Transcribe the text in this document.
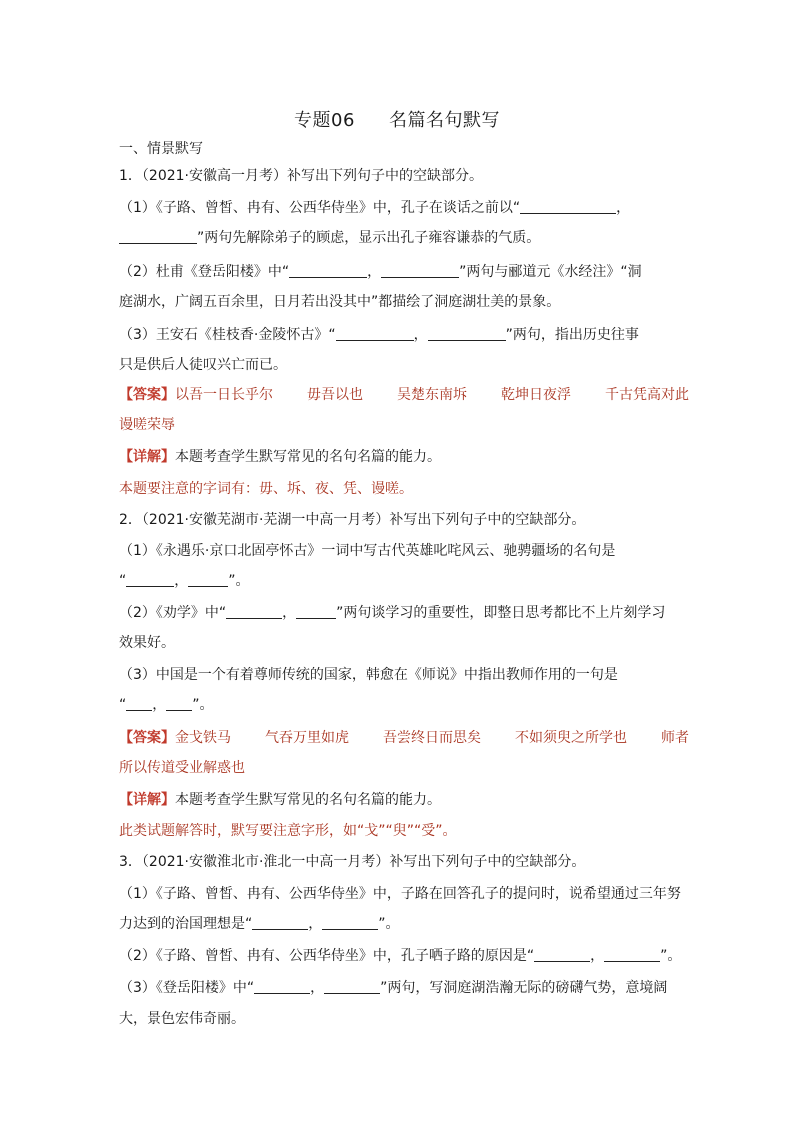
专题06 名篇名句默写
一、情景默写
1．（2021·安徽高一月考）补写出下列句子中的空缺部分。
（1）《子路、曾皙、冉有、公西华侍坐》中，孔子在谈话之前以“	，
”两句先解除弟子的顾虑，显示出孔子雍容谦恭的气质。
（2）杜甫《登岳阳楼》中“	，	”两句与郦道元《水经注》“洞
庭湖水，广阔五百余里，日月若出没其中”都描绘了洞庭湖壮美的景象。
（3）王安石《桂枝香·金陵怀古》“	，	”两句，指出历史往事
只是供后人徒叹兴亡而已。
【答案】以吾一日长乎尔 毋吾以也 吴楚东南坼 乾坤日夜浮 千古凭高对此
谩嗟荣辱
【详解】本题考查学生默写常见的名句名篇的能力。
本题要注意的字词有：毋、坼、夜、凭、谩嗟。
2．（2021·安徽芜湖市·芜湖一中高一月考）补写出下列句子中的空缺部分。
（1）《永遇乐·京口北固亭怀古》一词中写古代英雄叱咤风云、驰骋疆场的名句是
“	，	”。
（2）《劝学》中“	，	”两句谈学习的重要性，即整日思考都比不上片刻学习
效果好。
（3）中国是一个有着尊师传统的国家，韩愈在《师说》中指出教师作用的一句是
“ ， ”。
【答案】金戈铁马 气吞万里如虎 吾尝终日而思矣 不如须臾之所学也 师者
所以传道受业解惑也
【详解】本题考查学生默写常见的名句名篇的能力。
此类试题解答时，默写要注意字形，如“戈”“臾”“受”。
3．（2021·安徽淮北市·淮北一中高一月考）补写出下列句子中的空缺部分。
（1）《子路、曾皙、冉有、公西华侍坐》中，子路在回答孔子的提问时，说希望通过三年努
力达到的治国理想是“	，	”。
（2）《子路、曾皙、冉有、公西华侍坐》中，孔子哂子路的原因是“	，	”。
（3）《登岳阳楼》中“	，	”两句，写洞庭湖浩瀚无际的磅礴气势，意境阔
大，景色宏伟奇丽。
